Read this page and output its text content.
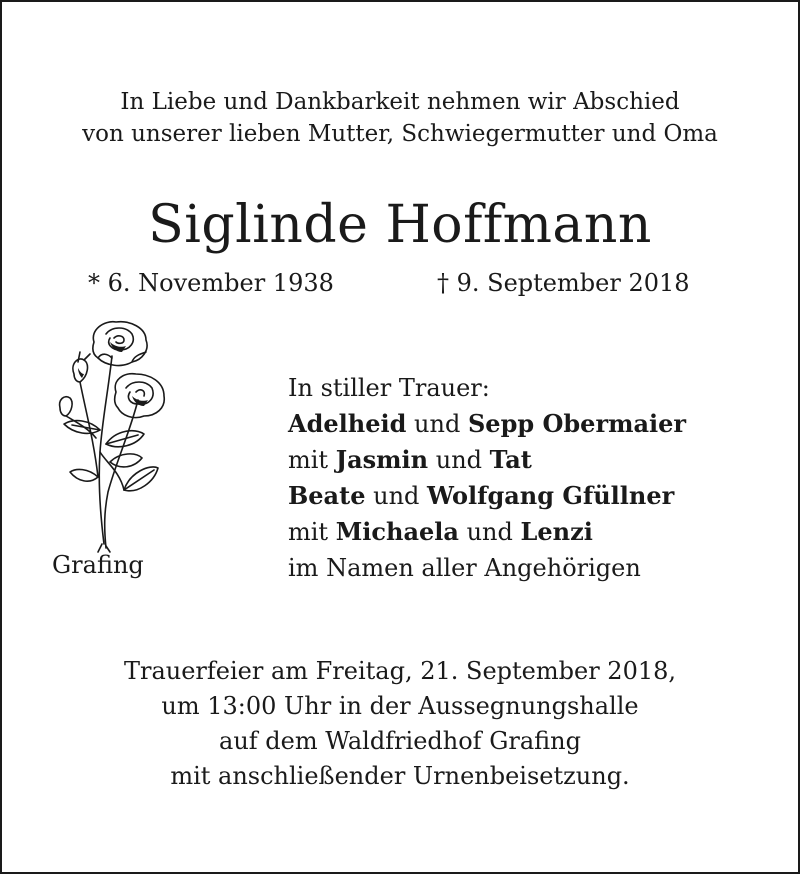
In Liebe und Dankbarkeit nehmen wir Abschied
von unserer lieben Mutter, Schwiegermutter und Oma
Siglinde Hoffmann
* 6. November 1938	† 9. September 2018
Grafing
In stiller Trauer:
Adelheid und Sepp Obermaier
mit Jasmin und Tat
Beate und Wolfgang Gfüllner
mit Michaela und Lenzi
im Namen aller Angehörigen
Trauerfeier am Freitag, 21. September 2018,
um 13:00 Uhr in der Aussegnungshalle
auf dem Waldfriedhof Grafing
mit anschließender Urnenbeisetzung.
